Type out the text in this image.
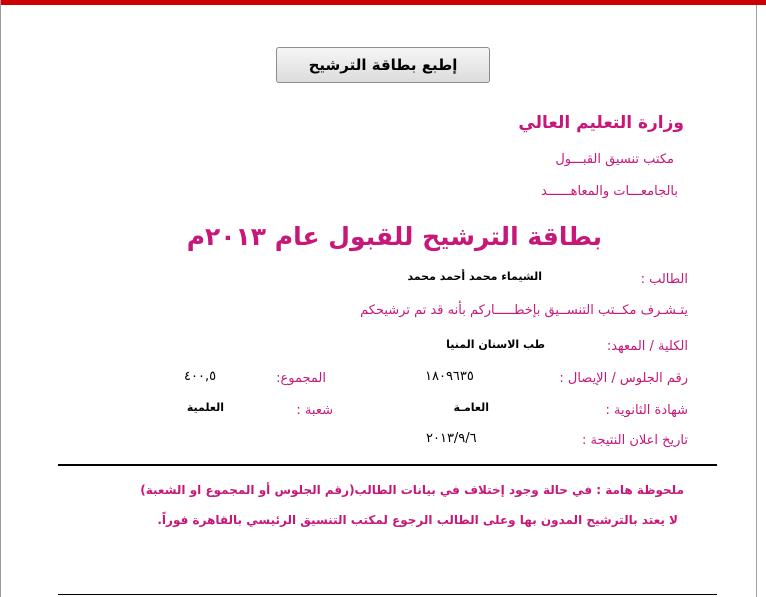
إطبع بطاقة الترشيح
وزارة التعليم العالي
مكتب تنسيق القبـــول
بالجامعـــات والمعاهــــــد
بطاقة الترشيح للقبول عام ٢٠١٣م
الطالب :
الشيماء محمد أحمد محمد
يتـشـرف مكــتب التنســيق بإخطـــــاركم بأنه قد تم ترشيحكم
الكلية / المعهد:
طب الاسنان المنيا
رقم الجلوس / الإيصال :
١٨٠٩٦٣٥
المجموع:
٤٠٠,٥
شهادة الثانوية :
العامـة
شعبة :
العلمية
تاريخ اعلان النتيجة :
٢٠١٣/٩/٦
ملحوظة هامة : في حالة وجود إختلاف في بيانات الطالب(رقم الجلوس أو المجموع او الشعبة)
لا يعتد بالترشيح المدون بها وعلى الطالب الرجوع لمكتب التنسيق الرئيسي بالقاهرة فوراً.
